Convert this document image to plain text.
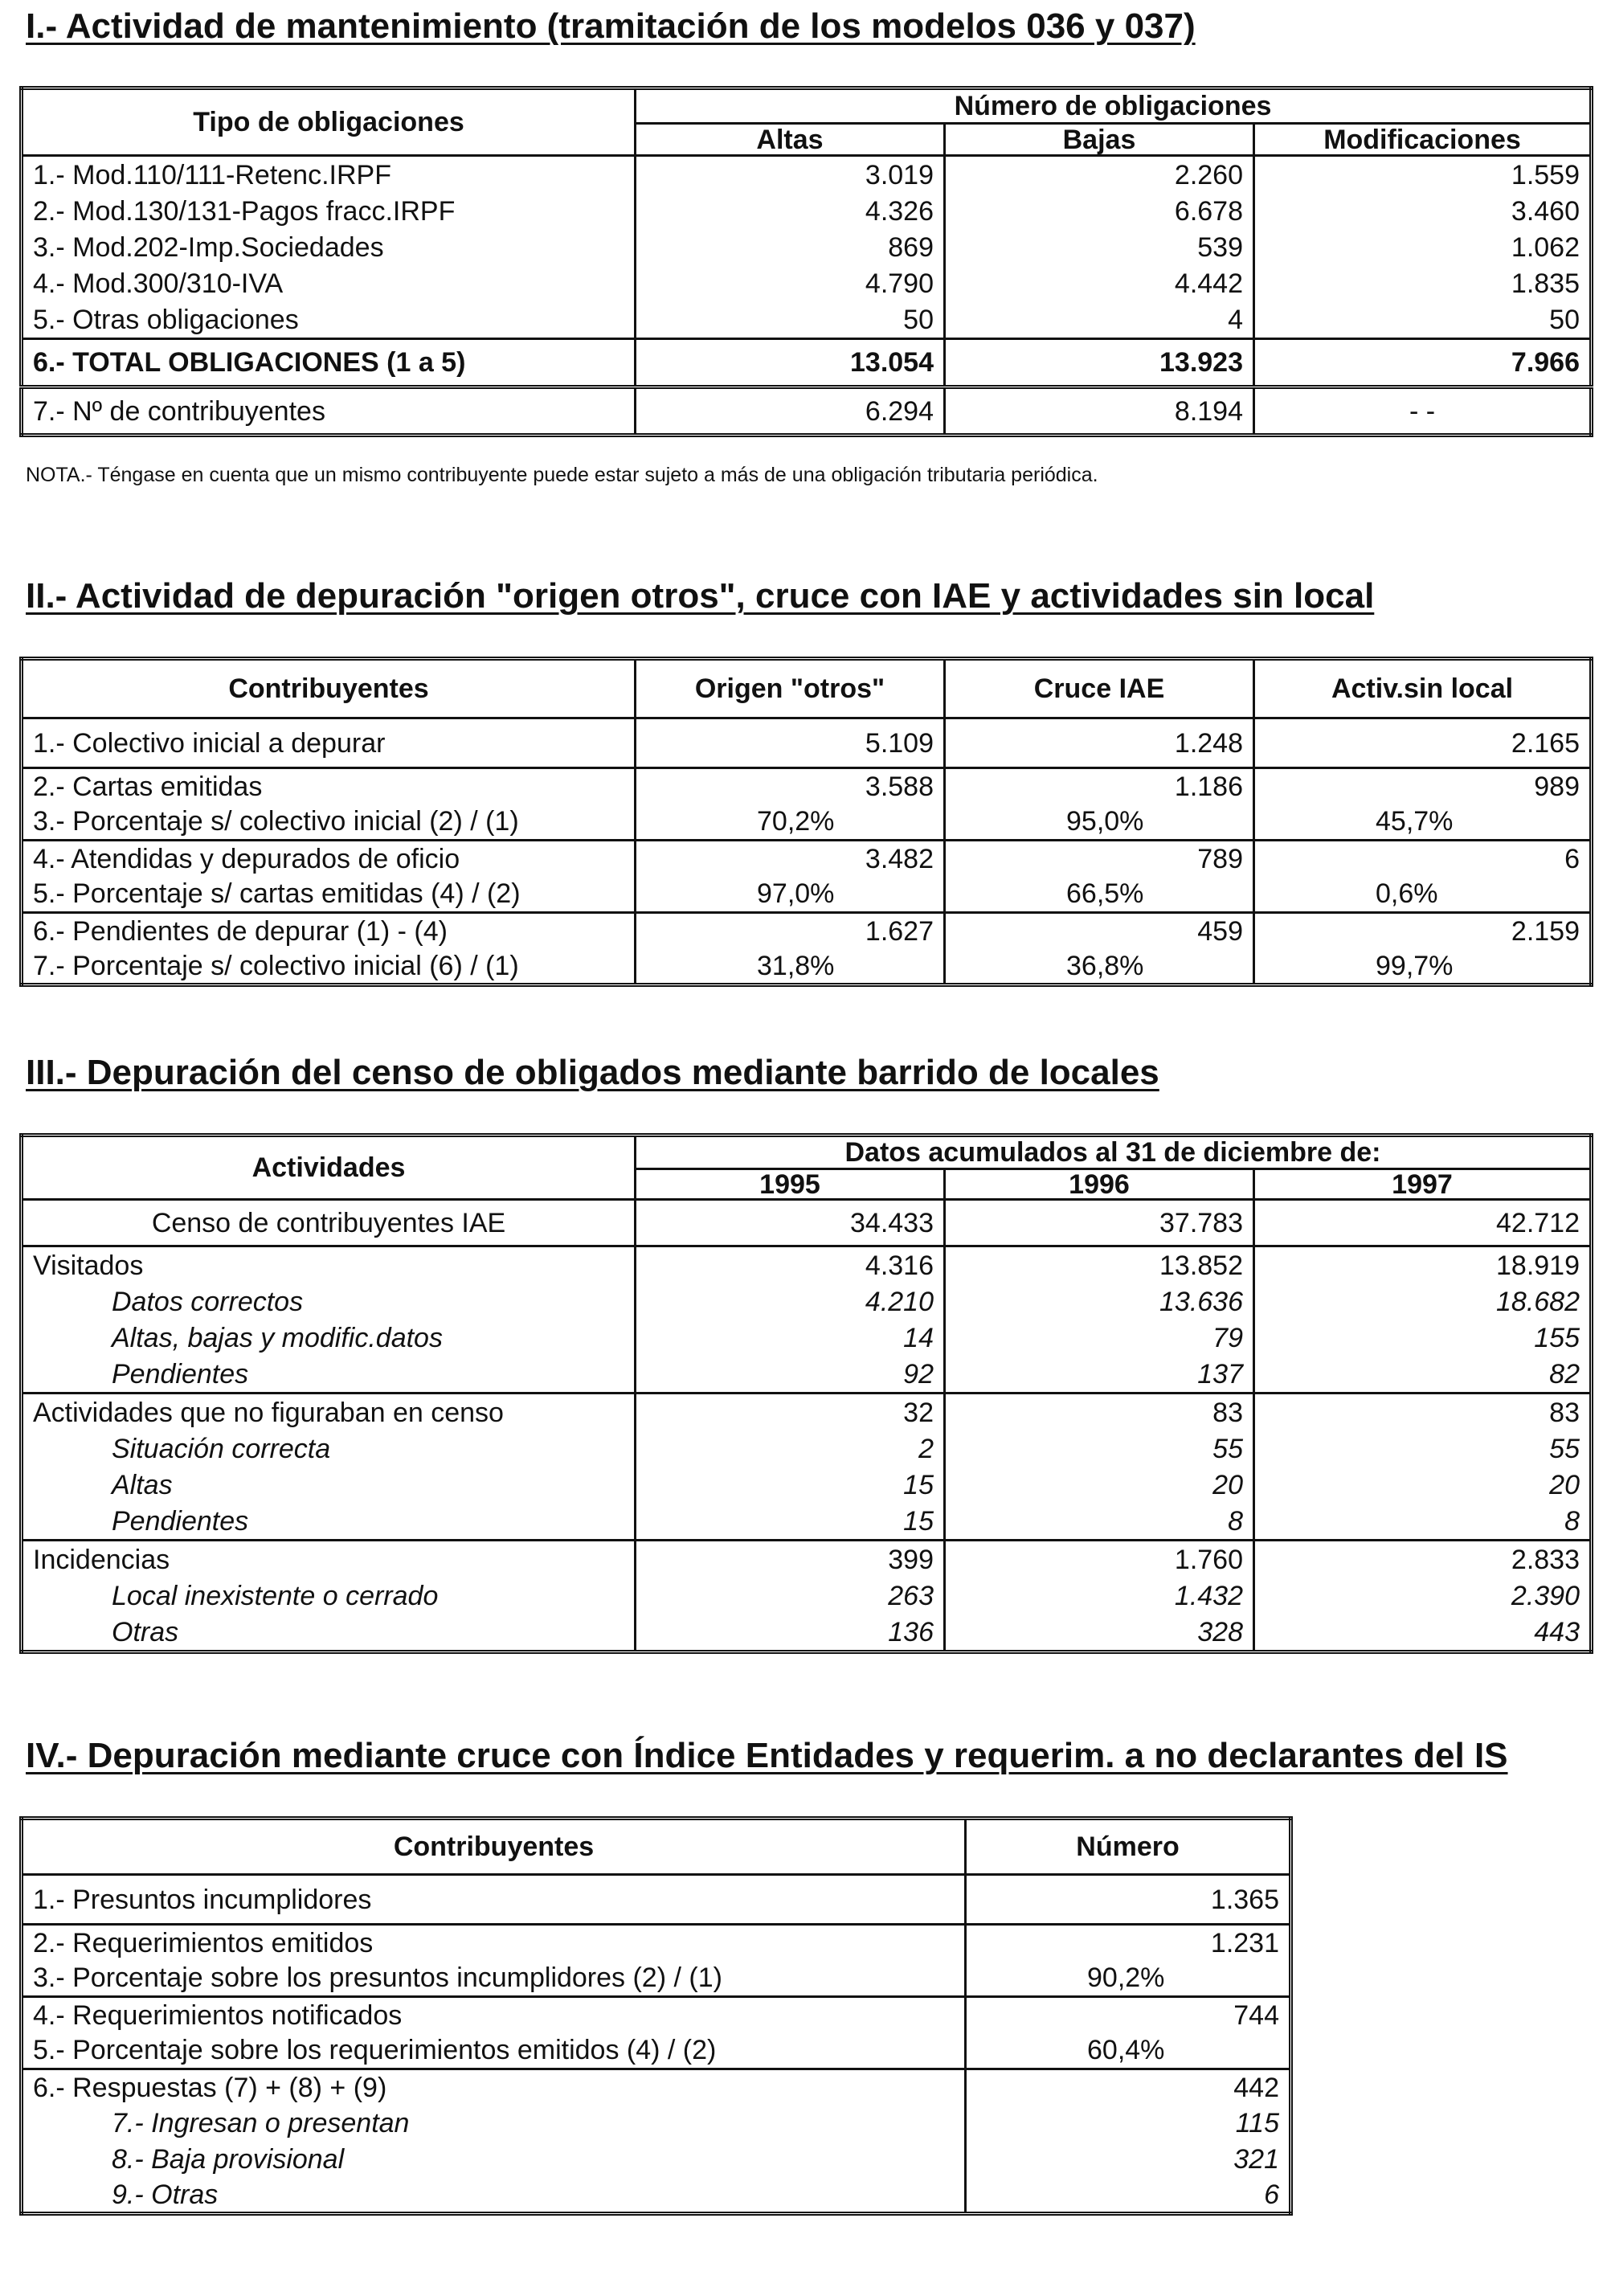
I.- Actividad de mantenimiento (tramitación de los modelos 036 y 037)
Tipo de obligaciones	Número de obligaciones		
	Altas	Bajas	Modificaciones
1.- Mod.110/111-Retenc.IRPF	3.019	2.260	1.559
2.- Mod.130/131-Pagos fracc.IRPF	4.326	6.678	3.460
3.- Mod.202-Imp.Sociedades	869	539	1.062
4.- Mod.300/310-IVA	4.790	4.442	1.835
5.- Otras obligaciones	50	4	50
6.- TOTAL OBLIGACIONES (1 a 5)	13.054	13.923	7.966
7.- Nº de contribuyentes	6.294	8.194	- -
NOTA.- Téngase en cuenta que un mismo contribuyente puede estar sujeto a más de una obligación tributaria periódica.
II.- Actividad de depuración "origen otros", cruce con IAE y actividades sin local
Contribuyentes	Origen "otros"	Cruce IAE	Activ.sin local
1.- Colectivo inicial a depurar	5.109	1.248	2.165
2.- Cartas emitidas	3.588	1.186	989
3.- Porcentaje s/ colectivo inicial (2) / (1)	70,2%	95,0%	45,7%
4.- Atendidas y depurados de oficio	3.482	789	6
5.- Porcentaje s/ cartas emitidas (4) / (2)	97,0%	66,5%	0,6%
6.- Pendientes de depurar (1) - (4)	1.627	459	2.159
7.- Porcentaje s/ colectivo inicial (6) / (1)	31,8%	36,8%	99,7%
III.- Depuración del censo de obligados mediante barrido de locales
Actividades	Datos acumulados al 31 de diciembre de:		
	1995	1996	1997
Censo de contribuyentes IAE	34.433	37.783	42.712
Visitados	4.316	13.852	18.919
Datos correctos	4.210	13.636	18.682
Altas, bajas y modific.datos	14	79	155
Pendientes	92	137	82
Actividades que no figuraban en censo	32	83	83
Situación correcta	2	55	55
Altas	15	20	20
Pendientes	15	8	8
Incidencias	399	1.760	2.833
Local inexistente o cerrado	263	1.432	2.390
Otras	136	328	443
IV.- Depuración mediante cruce con Índice Entidades y requerim. a no declarantes del IS
Contribuyentes	Número
1.- Presuntos incumplidores	1.365
2.- Requerimientos emitidos	1.231
3.- Porcentaje sobre los presuntos incumplidores (2) / (1)	90,2%
4.- Requerimientos notificados	744
5.- Porcentaje sobre los requerimientos emitidos (4) / (2)	60,4%
6.- Respuestas (7) + (8) + (9)	442
7.- Ingresan o presentan	115
8.- Baja provisional	321
9.- Otras	6
